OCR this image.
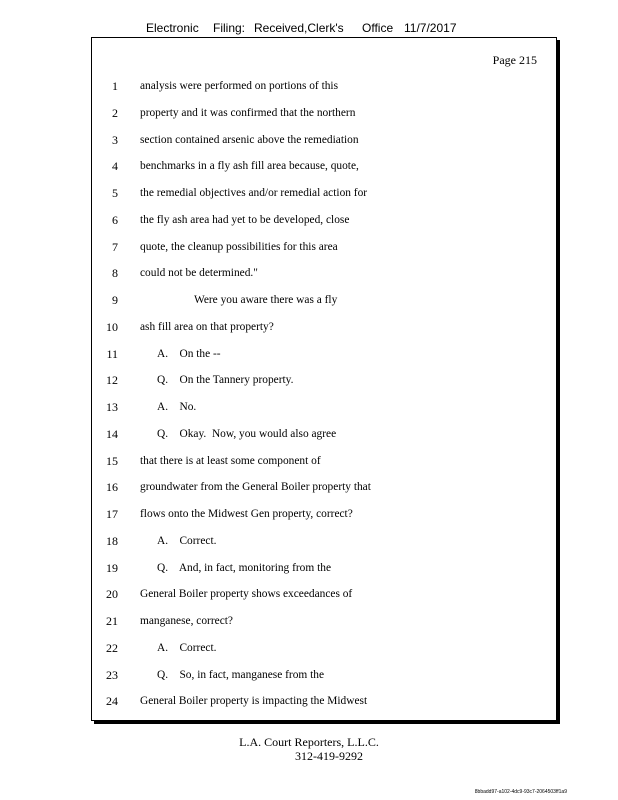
Electronic Filing: Received,Clerk's Office 11/7/2017
Page 215
1 analysis were performed on portions of this
2 property and it was confirmed that the northern
3 section contained arsenic above the remediation
4 benchmarks in a fly ash fill area because, quote,
5 the remedial objectives and/or remedial action for
6 the fly ash area had yet to be developed, close
7 quote, the cleanup possibilities for this area
8 could not be determined."
9	Were you aware there was a fly
10 ash fill area on that property?
11	A.    On the --
12	Q.    On the Tannery property.
13	A.    No.
14	Q.    Okay.  Now, you would also agree
15 that there is at least some component of
16 groundwater from the General Boiler property that
17 flows onto the Midwest Gen property, correct?
18	A.    Correct.
19	Q.    And, in fact, monitoring from the
20 General Boiler property shows exceedances of
21 manganese, correct?
22	A.    Correct.
23	Q.    So, in fact, manganese from the
24 General Boiler property is impacting the Midwest
L.A. Court Reporters, L.L.C.
312-419-9292
8bbadd97-a102-4dc9-93c7-2064503ff1a9
